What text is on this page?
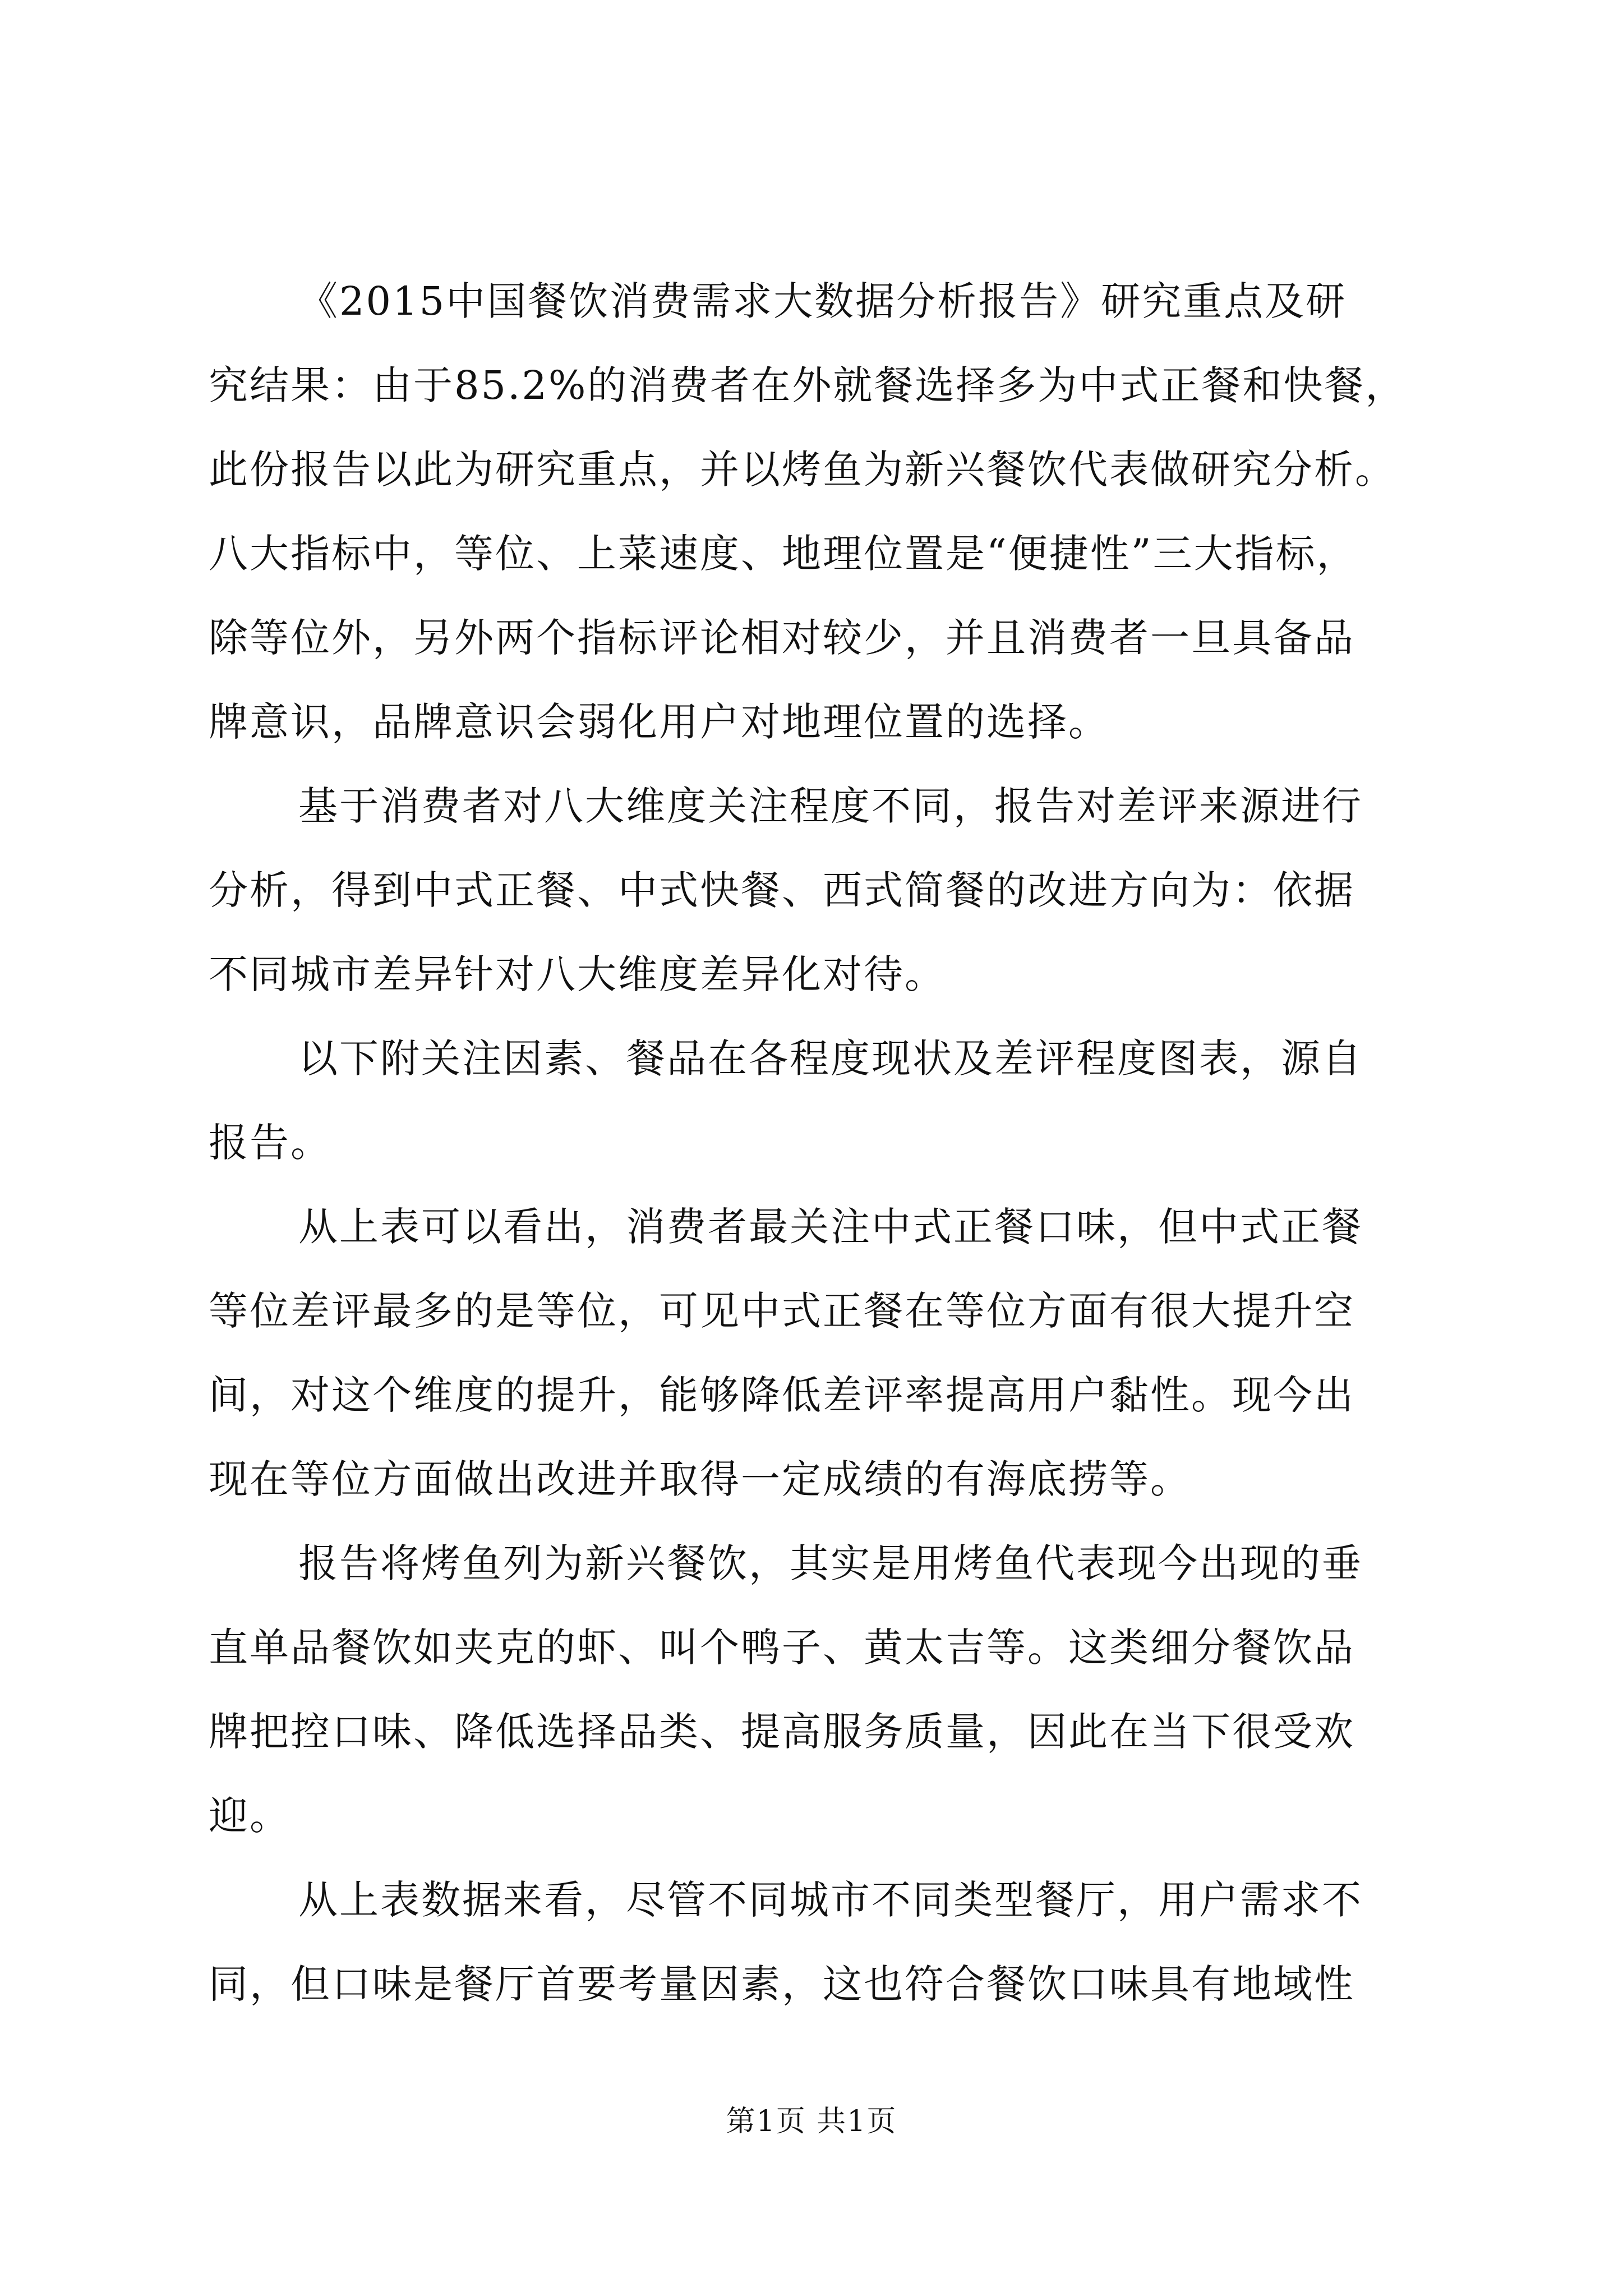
《2015中国餐饮消费需求大数据分析报告》研究重点及研
究结果：由于85.2%的消费者在外就餐选择多为中式正餐和快餐，
此份报告以此为研究重点，并以烤鱼为新兴餐饮代表做研究分析。
八大指标中，等位、上菜速度、地理位置是“便捷性”三大指标，
除等位外，另外两个指标评论相对较少，并且消费者一旦具备品
牌意识，品牌意识会弱化用户对地理位置的选择。
基于消费者对八大维度关注程度不同，报告对差评来源进行
分析，得到中式正餐、中式快餐、西式简餐的改进方向为：依据
不同城市差异针对八大维度差异化对待。
以下附关注因素、餐品在各程度现状及差评程度图表，源自
报告。
从上表可以看出，消费者最关注中式正餐口味，但中式正餐
等位差评最多的是等位，可见中式正餐在等位方面有很大提升空
间，对这个维度的提升，能够降低差评率提高用户黏性。现今出
现在等位方面做出改进并取得一定成绩的有海底捞等。
报告将烤鱼列为新兴餐饮，其实是用烤鱼代表现今出现的垂
直单品餐饮如夹克的虾、叫个鸭子、黄太吉等。这类细分餐饮品
牌把控口味、降低选择品类、提高服务质量，因此在当下很受欢
迎。
从上表数据来看，尽管不同城市不同类型餐厅，用户需求不
同，但口味是餐厅首要考量因素，这也符合餐饮口味具有地域性
第1页 共1页
